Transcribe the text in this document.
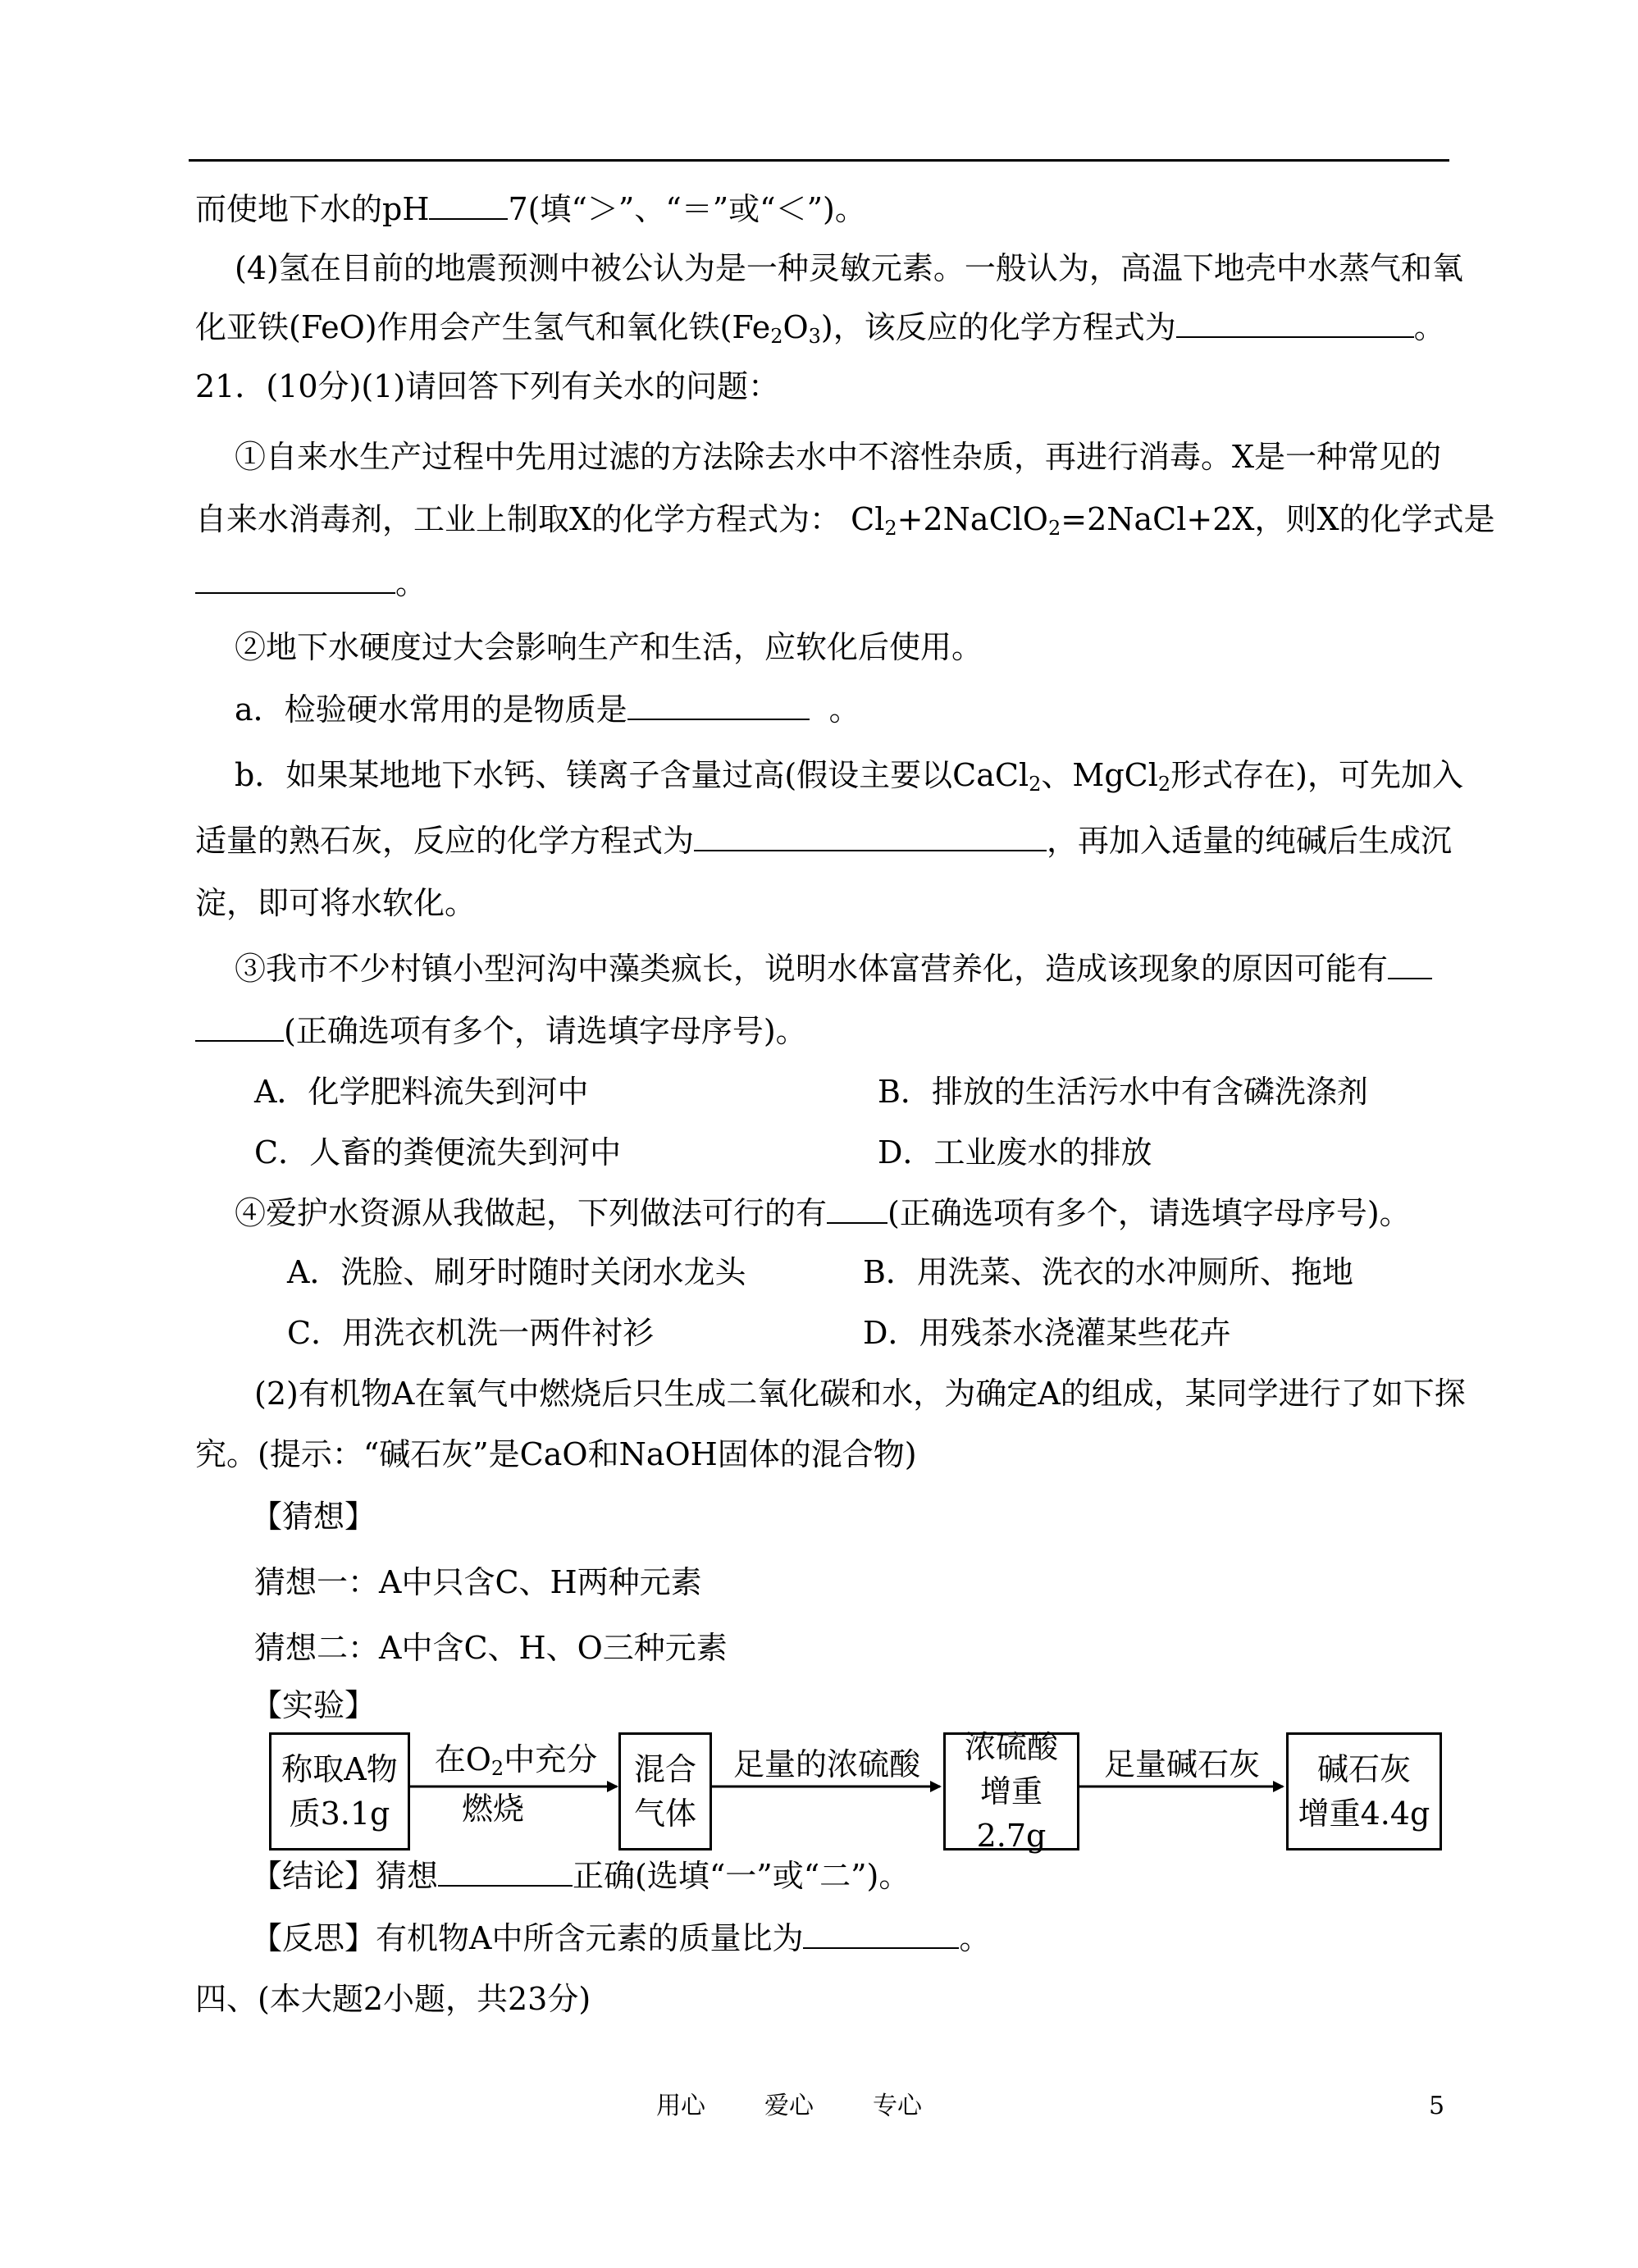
而使地下水的pH	7(填“＞”、“＝”或“＜”)。
(4)氢在目前的地震预测中被公认为是一种灵敏元素。一般认为，高温下地壳中水蒸气和氧
化亚铁(FeO)作用会产生氢气和氧化铁$(Fe_2O_3)$，该反应的化学方程式为	。
21．(10分)(1)请回答下列有关水的问题：
①自来水生产过程中先用过滤的方法除去水中不溶性杂质，再进行消毒。X是一种常见的
自来水消毒剂，工业上制取X的化学方程式为： $Cl_2+2NaClO_2=2NaCl+2X$，则X的化学式是
。
②地下水硬度过大会影响生产和生活，应软化后使用。
a．检验硬水常用的是物质是	。
b．如果某地地下水钙、镁离子含量过高(假设主要以CaCl$_2$、MgCl$_2$形式存在)，可先加入
适量的熟石灰，反应的化学方程式为	，再加入适量的纯碱后生成沉
淀，即可将水软化。
③我市不少村镇小型河沟中藻类疯长，说明水体富营养化，造成该现象的原因可能有
(正确选项有多个，请选填字母序号)。
A．化学肥料流失到河中	B．排放的生活污水中有含磷洗涤剂
C．人畜的粪便流失到河中	D．工业废水的排放
④爱护水资源从我做起，下列做法可行的有 (正确选项有多个，请选填字母序号)。
A．洗脸、刷牙时随时关闭水龙头	B．用洗菜、洗衣的水冲厕所、拖地
C．用洗衣机洗一两件衬衫	D．用残茶水浇灌某些花卉
(2)有机物A在氧气中燃烧后只生成二氧化碳和水，为确定A的组成，某同学进行了如下探
究。(提示：“碱石灰”是CaO和NaOH固体的混合物)
【猜想】
猜想一：A中只含C、H两种元素
猜想二：A中含C、H、O三种元素
【实验】
称取A物
质3.1g
在$O_2$中充分
燃烧
混合
气体
足量的浓硫酸	浓硫酸
增重2.7g
足量碱石灰	碱石灰
增重4.4g
【结论】猜想	正确(选填“一”或“二”)。
【反思】有机物A中所含元素的质量比为	。
四、(本大题2小题，共23分)
用心 爱心 专心	5
